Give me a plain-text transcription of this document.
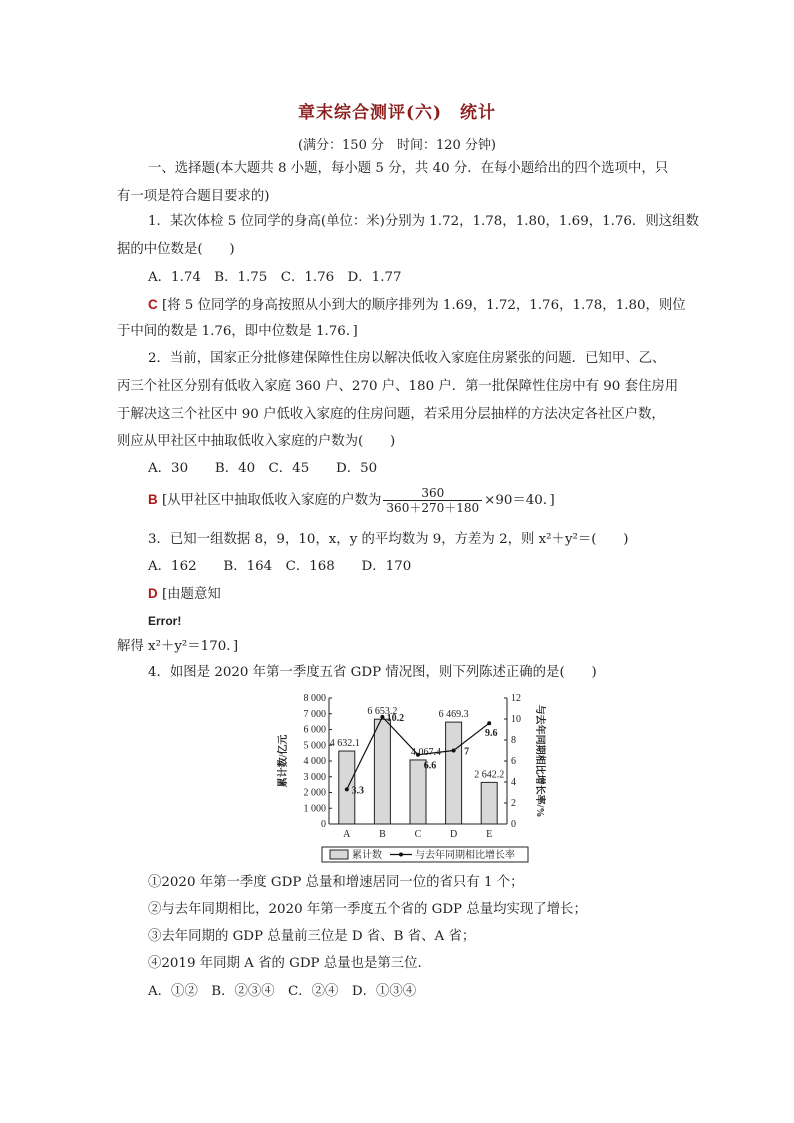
章末综合测评(六)　统计
(满分：150 分　时间：120 分钟)
一、选择题(本大题共 8 小题，每小题 5 分，共 40 分．在每小题给出的四个选项中，只
有一项是符合题目要求的)
1．某次体检 5 位同学的身高(单位：米)分别为 1.72，1.78，1.80，1.69，1.76．则这组数
据的中位数是(　　)
A．1.74　B．1.75　C．1.76　D．1.77
C [将 5 位同学的身高按照从小到大的顺序排列为 1.69，1.72，1.76，1.78，1.80，则位
于中间的数是 1.76，即中位数是 1.76．]
2．当前，国家正分批修建保障性住房以解决低收入家庭住房紧张的问题．已知甲、乙、
丙三个社区分别有低收入家庭 360 户、270 户、180 户．第一批保障性住房中有 90 套住房用
于解决这三个社区中 90 户低收入家庭的住房问题，若采用分层抽样的方法决定各社区户数，
则应从甲社区中抽取低收入家庭的户数为(　　)
A．30　　B．40　C．45　　D．50
B [从甲社区中抽取低收入家庭的户数为 $\frac{360}{360+270+180} \times 90=40$．]
3．已知一组数据 8，9，10，x，y 的平均数为 9，方差为 2，则 x²＋y²＝(　　)
A．162　　B．164　C．168　　D．170
D [由题意知
Error!
解得 x²＋y²＝170．]
4．如图是 2020 年第一季度五省 GDP 情况图，则下列陈述正确的是(　　)
0
1 000
2 000
3 000
4 000
5 000
6 000
7 000
8 000
0
2
4
6
8
10
12
累计数/亿元	与去年同期相比增长率/%
A	B	C	D	E
4 632.1
6 653.2
4 067.4
6 469.3
2 642.2
3.3
10.2
6.6
7
9.6
累计数	与去年同期相比增长率
①2020 年第一季度 GDP 总量和增速居同一位的省只有 1 个；
②与去年同期相比，2020 年第一季度五个省的 GDP 总量均实现了增长；
③去年同期的 GDP 总量前三位是 D 省、B 省、A 省；
④2019 年同期 A 省的 GDP 总量也是第三位．
A．①②　B．②③④　C．②④　D．①③④
